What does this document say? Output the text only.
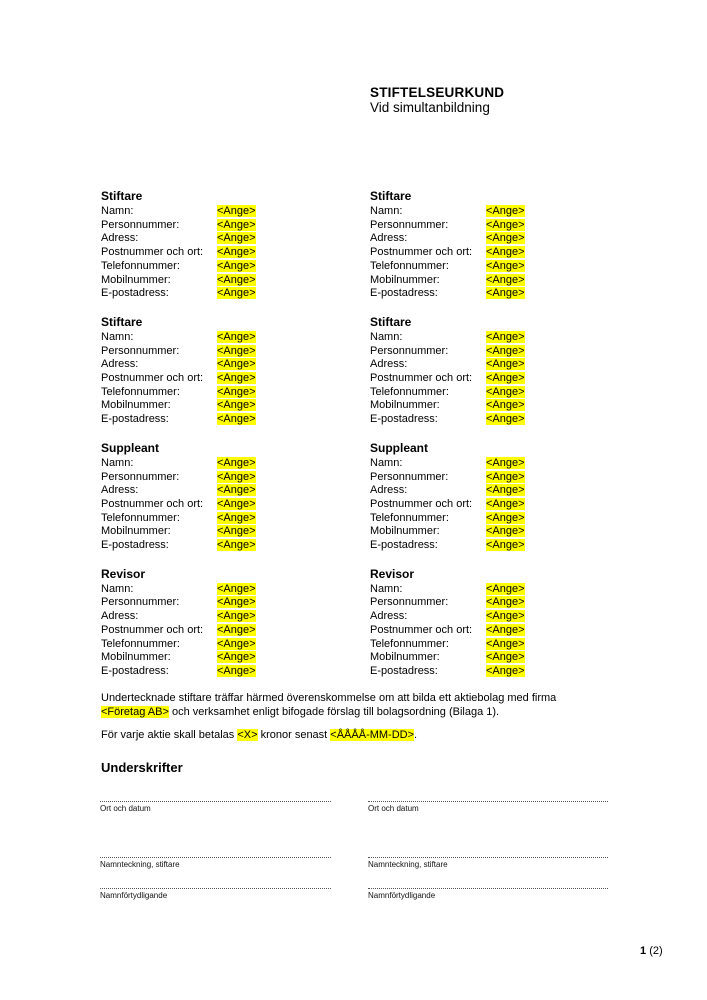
STIFTELSEURKUND
Vid simultanbildning
Stiftare
Namn:	<Ange>
Personnummer:	<Ange>
Adress:	<Ange>
Postnummer och ort: <Ange>
Telefonnummer:	<Ange>
Mobilnummer:	<Ange>
E-postadress:	<Ange>
Stiftare
Namn:	<Ange>
Personnummer:	<Ange>
Adress:	<Ange>
Postnummer och ort: <Ange>
Telefonnummer:	<Ange>
Mobilnummer:	<Ange>
E-postadress:	<Ange>
Stiftare
Namn:	<Ange>
Personnummer:	<Ange>
Adress:	<Ange>
Postnummer och ort: <Ange>
Telefonnummer:	<Ange>
Mobilnummer:	<Ange>
E-postadress:	<Ange>
Stiftare
Namn:	<Ange>
Personnummer:	<Ange>
Adress:	<Ange>
Postnummer och ort: <Ange>
Telefonnummer:	<Ange>
Mobilnummer:	<Ange>
E-postadress:	<Ange>
Suppleant
Namn:	<Ange>
Personnummer:	<Ange>
Adress:	<Ange>
Postnummer och ort: <Ange>
Telefonnummer:	<Ange>
Mobilnummer:	<Ange>
E-postadress:	<Ange>
Suppleant
Namn:	<Ange>
Personnummer:	<Ange>
Adress:	<Ange>
Postnummer och ort: <Ange>
Telefonnummer:	<Ange>
Mobilnummer:	<Ange>
E-postadress:	<Ange>
Revisor
Namn:	<Ange>
Personnummer:	<Ange>
Adress:	<Ange>
Postnummer och ort: <Ange>
Telefonnummer:	<Ange>
Mobilnummer:	<Ange>
E-postadress:	<Ange>
Revisor
Namn:	<Ange>
Personnummer:	<Ange>
Adress:	<Ange>
Postnummer och ort: <Ange>
Telefonnummer:	<Ange>
Mobilnummer:	<Ange>
E-postadress:	<Ange>

Undertecknade stiftare träffar härmed överenskommelse om att bilda ett aktiebolag med firma
<Företag AB> och verksamhet enligt bifogade förslag till bolagsordning (Bilaga 1).

För varje aktie skall betalas <X> kronor senast <ÅÅÅÅ-MM-DD>.

Underskrifter
Ort och datum
Namnteckning, stiftare
Namnförtydligande
Ort och datum
Namnteckning, stiftare
Namnförtydligande
1 (2)
